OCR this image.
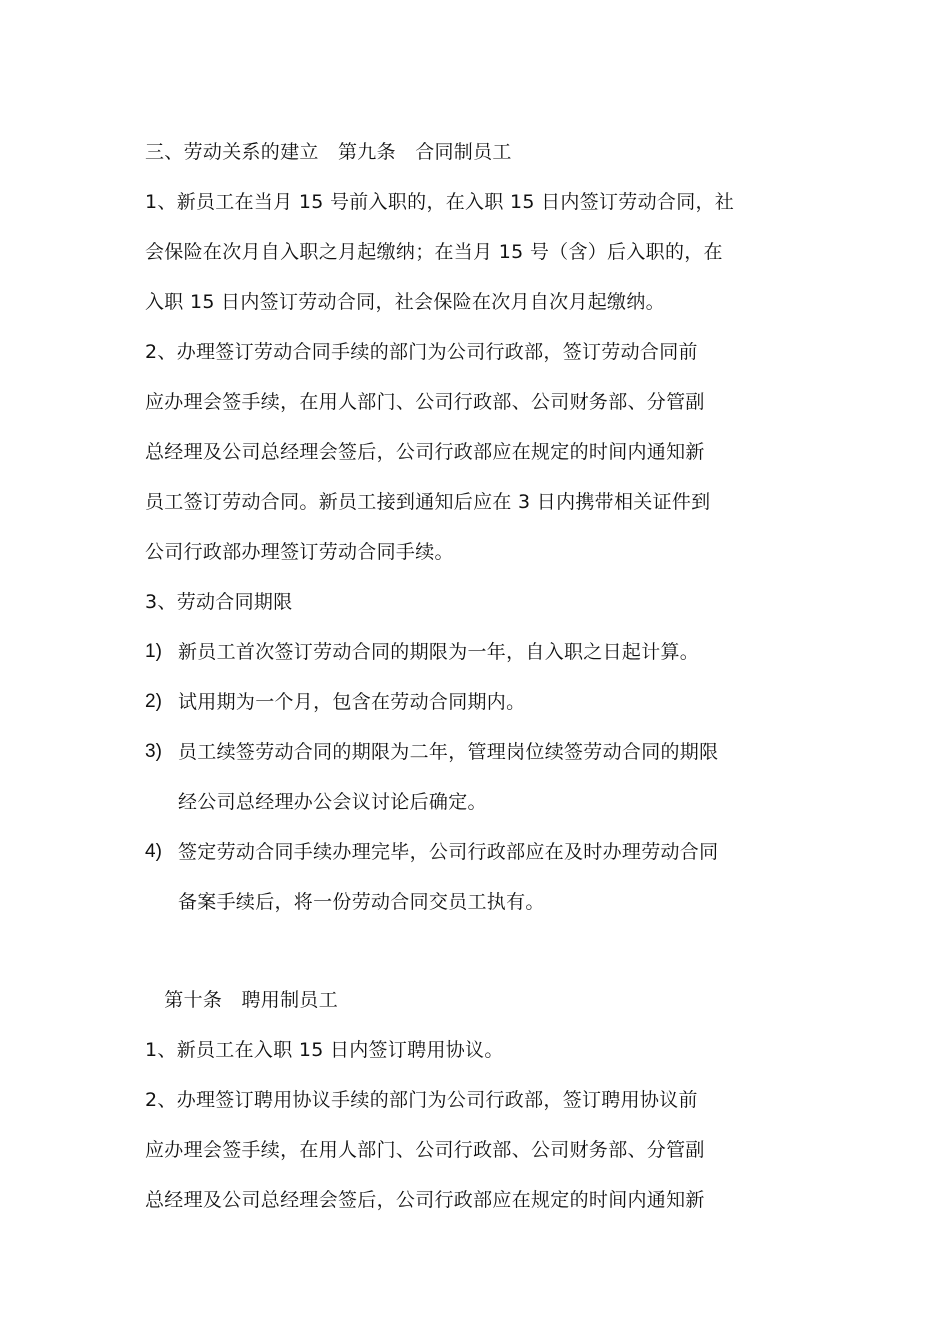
三、劳动关系的建立　第九条　合同制员工
1、新员工在当月 15 号前入职的，在入职 15 日内签订劳动合同，社
会保险在次月自入职之月起缴纳；在当月 15 号（含）后入职的，在
入职 15 日内签订劳动合同，社会保险在次月自次月起缴纳。
2、办理签订劳动合同手续的部门为公司行政部，签订劳动合同前
应办理会签手续，在用人部门、公司行政部、公司财务部、分管副
总经理及公司总经理会签后，公司行政部应在规定的时间内通知新
员工签订劳动合同。新员工接到通知后应在 3 日内携带相关证件到
公司行政部办理签订劳动合同手续。
3、劳动合同期限
1) 新员工首次签订劳动合同的期限为一年，自入职之日起计算。
2) 试用期为一个月，包含在劳动合同期内。
3) 员工续签劳动合同的期限为二年，管理岗位续签劳动合同的期限
经公司总经理办公会议讨论后确定。
4) 签定劳动合同手续办理完毕，公司行政部应在及时办理劳动合同
备案手续后，将一份劳动合同交员工执有。
　第十条　聘用制员工
1、新员工在入职 15 日内签订聘用协议。
2、办理签订聘用协议手续的部门为公司行政部，签订聘用协议前
应办理会签手续，在用人部门、公司行政部、公司财务部、分管副
总经理及公司总经理会签后，公司行政部应在规定的时间内通知新
